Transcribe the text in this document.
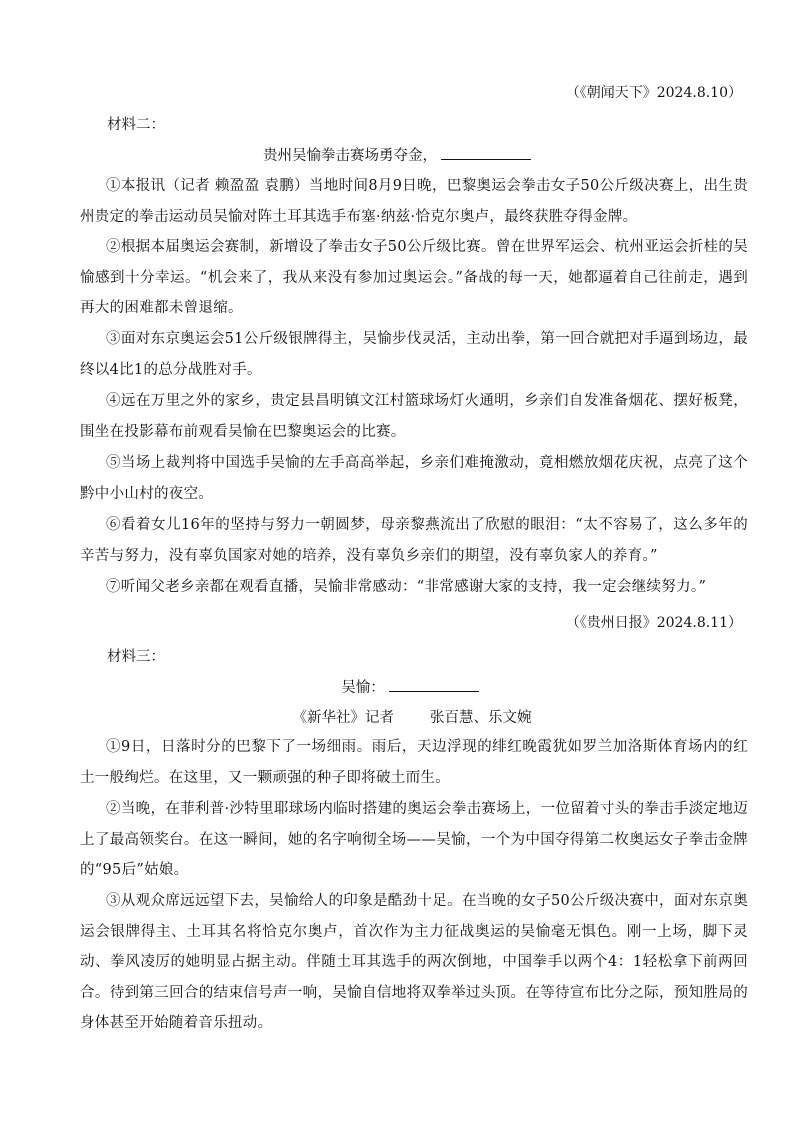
（《朝闻天下》2024.8.10）
材料二：
贵州吴愉拳击赛场勇夺金，
①本报讯（记者 赖盈盈 袁鹏）当地时间8月9日晚，巴黎奥运会拳击女子50公斤级决赛上，出生贵州贵定的拳击运动员吴愉对阵土耳其选手布塞·纳兹·恰克尔奥卢，最终获胜夺得金牌。
②根据本届奥运会赛制，新增设了拳击女子50公斤级比赛。曾在世界军运会、杭州亚运会折桂的吴愉感到十分幸运。“机会来了，我从来没有参加过奥运会。”备战的每一天，她都逼着自己往前走，遇到再大的困难都未曾退缩。
③面对东京奥运会51公斤级银牌得主，吴愉步伐灵活，主动出拳，第一回合就把对手逼到场边，最终以4比1的总分战胜对手。
④远在万里之外的家乡，贵定县昌明镇文江村篮球场灯火通明，乡亲们自发准备烟花、摆好板凳，围坐在投影幕布前观看吴愉在巴黎奥运会的比赛。
⑤当场上裁判将中国选手吴愉的左手高高举起，乡亲们难掩激动，竟相燃放烟花庆祝，点亮了这个黔中小山村的夜空。
⑥看着女儿16年的坚持与努力一朝圆梦，母亲黎燕流出了欣慰的眼泪：“太不容易了，这么多年的辛苦与努力，没有辜负国家对她的培养，没有辜负乡亲们的期望，没有辜负家人的养育。”
⑦听闻父老乡亲都在观看直播，吴愉非常感动：“非常感谢大家的支持，我一定会继续努力。”
（《贵州日报》2024.8.11）
材料三：
吴愉：
《新华社》记者 张百慧、乐文婉
①9日，日落时分的巴黎下了一场细雨。雨后，天边浮现的绯红晚霞犹如罗兰加洛斯体育场内的红土一般绚烂。在这里，又一颗顽强的种子即将破土而生。
②当晚，在菲利普·沙特里耶球场内临时搭建的奥运会拳击赛场上，一位留着寸头的拳击手淡定地迈上了最高领奖台。在这一瞬间，她的名字响彻全场——吴愉，一个为中国夺得第二枚奥运女子拳击金牌的“95后”姑娘。
③从观众席远远望下去，吴愉给人的印象是酷劲十足。在当晚的女子50公斤级决赛中，面对东京奥运会银牌得主、土耳其名将恰克尔奥卢，首次作为主力征战奥运的吴愉毫无惧色。刚一上场，脚下灵动、拳风凌厉的她明显占据主动。伴随土耳其选手的两次倒地，中国拳手以两个4：1轻松拿下前两回合。待到第三回合的结束信号声一响，吴愉自信地将双拳举过头顶。在等待宣布比分之际，预知胜局的身体甚至开始随着音乐扭动。
